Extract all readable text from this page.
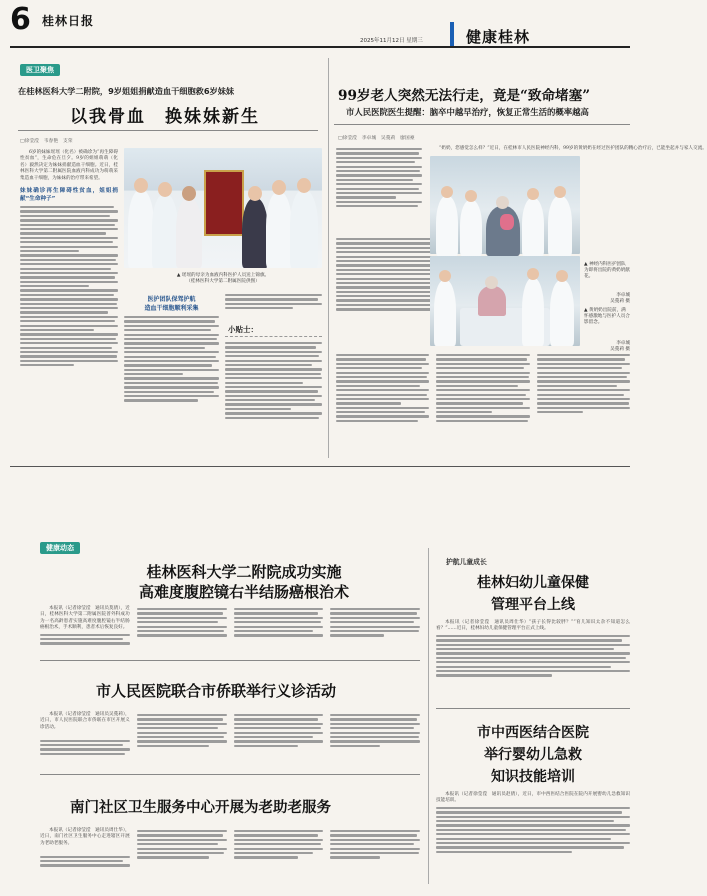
6 桂林日报
2025年11月12日 星期三	健康桂林
医卫聚焦
在桂林医科大学二附院，9岁姐姐捐献造血干细胞救6岁妹妹
以我骨血　换妹妹新生
□徐莹滢　韦春艳　支荣

6岁的妹妹瑶瑶（化名）被确诊为“再生障碍性贫血”，生命危在旦夕。9岁的姐姐萌萌（化名）毅然决定为妹妹捐献造血干细胞。近日，桂林医科大学第二附属医院血液内科成功为萌萌采集造血干细胞，为妹妹的治疗带来希望。

妹妹确诊再生障碍性贫血，姐姐捐献“生命种子”
▲ 瑶瑶的母亲为血液内科医护人员送上锦旗。
（桂林医科大学第二附属医院供图）
医护团队保驾护航
造血干细胞顺利采集
小贴士：
99岁老人突然无法行走，竟是“致命堵塞”
市人民医院医生提醒：脑卒中越早治疗，恢复正常生活的概率越高
□徐莹滢　李卓城　吴蔓莉　廖国豪

“奶奶，您感觉怎么样？”近日，在桂林市人民医院神经内科，99岁的黄奶奶在经过医护团队的精心治疗后，已能坐起并与家人交流。

▲ 神经内科医护团队为即将出院的黄奶奶献花。
李卓城
吴蔓莉 摄
▲ 黄奶奶出院前，满怀感激地与医护人员合影留念。
李卓城
吴蔓莉 摄
健康动态
桂林医科大学二附院成功实施
高难度腹腔镜右半结肠癌根治术

本报讯（记者徐莹滢　通讯员莫倩），近日，桂林医科大学第二附属医院普外科成功为一名高龄患者实施高难度腹腔镜右半结肠癌根治术，手术顺利，患者术后恢复良好。

市人民医院联合市侨联举行义诊活动

本报讯（记者徐莹滢　通讯员吴蔓莉），近日，市人民医院联合市侨联在市区开展义诊活动。

南门社区卫生服务中心开展为老助老服务

本报讯（记者徐莹滢　通讯员周仕华），近日，南门社区卫生服务中心走进辖区开展为老助老服务。

护航儿童成长
桂林妇幼儿童保健
管理平台上线

本报讯（记者徐莹滢　通讯员周仕华）“孩子长得比较胖？”“育儿知识太杂不知道怎么看？”……近日，桂林妇幼儿童保健管理平台正式上线。

市中西医结合医院
举行婴幼儿急救
知识技能培训

本报讯（记者徐莹滢　通讯员赵倩），近日，市中西医结合医院在院内开展婴幼儿急救知识技能培训。
